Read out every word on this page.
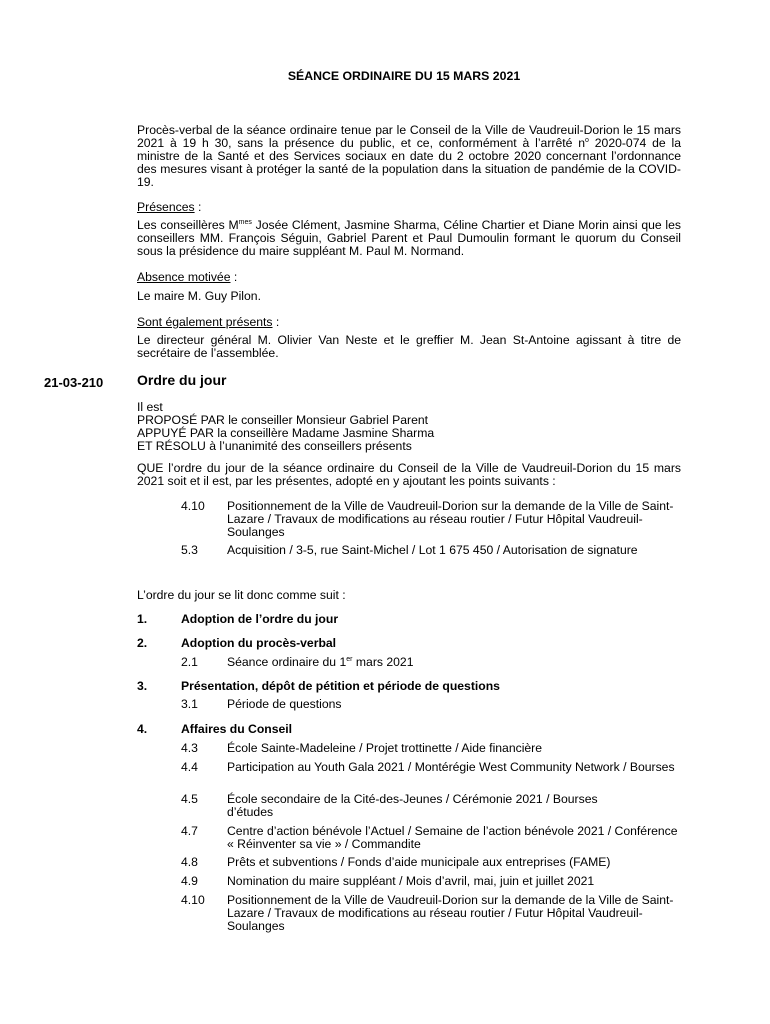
SÉANCE ORDINAIRE DU 15 MARS 2021
Procès-verbal de la séance ordinaire tenue par le Conseil de la Ville de Vaudreuil-Dorion le 15 mars 2021 à 19 h 30, sans la présence du public, et ce, conformément à l’arrêté $n^o$ 2020-074 de la ministre de la Santé et des Services sociaux en date du 2 octobre 2020 concernant l’ordonnance des mesures visant à protéger la santé de la population dans la situation de pandémie de la COVID-19.
Présences :
Les conseillères $M^{mes}$ Josée Clément, Jasmine Sharma, Céline Chartier et Diane Morin ainsi que les conseillers MM. François Séguin, Gabriel Parent et Paul Dumoulin formant le quorum du Conseil sous la présidence du maire suppléant M. Paul M. Normand.
Absence motivée :
Le maire M. Guy Pilon.
Sont également présents :
Le directeur général M. Olivier Van Neste et le greffier M. Jean St-Antoine agissant à titre de secrétaire de l’assemblée.
21-03-210 Ordre du jour
Il est
PROPOSÉ PAR le conseiller Monsieur Gabriel Parent
APPUYÉ PAR la conseillère Madame Jasmine Sharma
ET RÉSOLU à l’unanimité des conseillers présents
QUE l’ordre du jour de la séance ordinaire du Conseil de la Ville de Vaudreuil-Dorion du 15 mars 2021 soit et il est, par les présentes, adopté en y ajoutant les points suivants :
4.10	Positionnement de la Ville de Vaudreuil-Dorion sur la demande de la Ville de Saint-Lazare / Travaux de modifications au réseau routier / Futur Hôpital Vaudreuil-Soulanges
5.3	Acquisition / 3-5, rue Saint-Michel / Lot 1 675 450 / Autorisation de signature
L’ordre du jour se lit donc comme suit :
1.	Adoption de l’ordre du jour
2.	Adoption du procès-verbal
2.1	Séance ordinaire du 1er mars 2021
3.	Présentation, dépôt de pétition et période de questions
3.1	Période de questions
4.	Affaires du Conseil
4.3	École Sainte-Madeleine / Projet trottinette / Aide financière
4.4	Participation au Youth Gala 2021 / Montérégie West Community Network / Bourses
4.5	École secondaire de la Cité-des-Jeunes / Cérémonie 2021 / Bourses d’études
4.7	Centre d’action bénévole l’Actuel / Semaine de l’action bénévole 2021 / Conférence « Réinventer sa vie » / Commandite
4.8	Prêts et subventions / Fonds d’aide municipale aux entreprises (FAME)
4.9	Nomination du maire suppléant / Mois d’avril, mai, juin et juillet 2021
4.10	Positionnement de la Ville de Vaudreuil-Dorion sur la demande de la Ville de Saint-Lazare / Travaux de modifications au réseau routier / Futur Hôpital Vaudreuil-Soulanges
